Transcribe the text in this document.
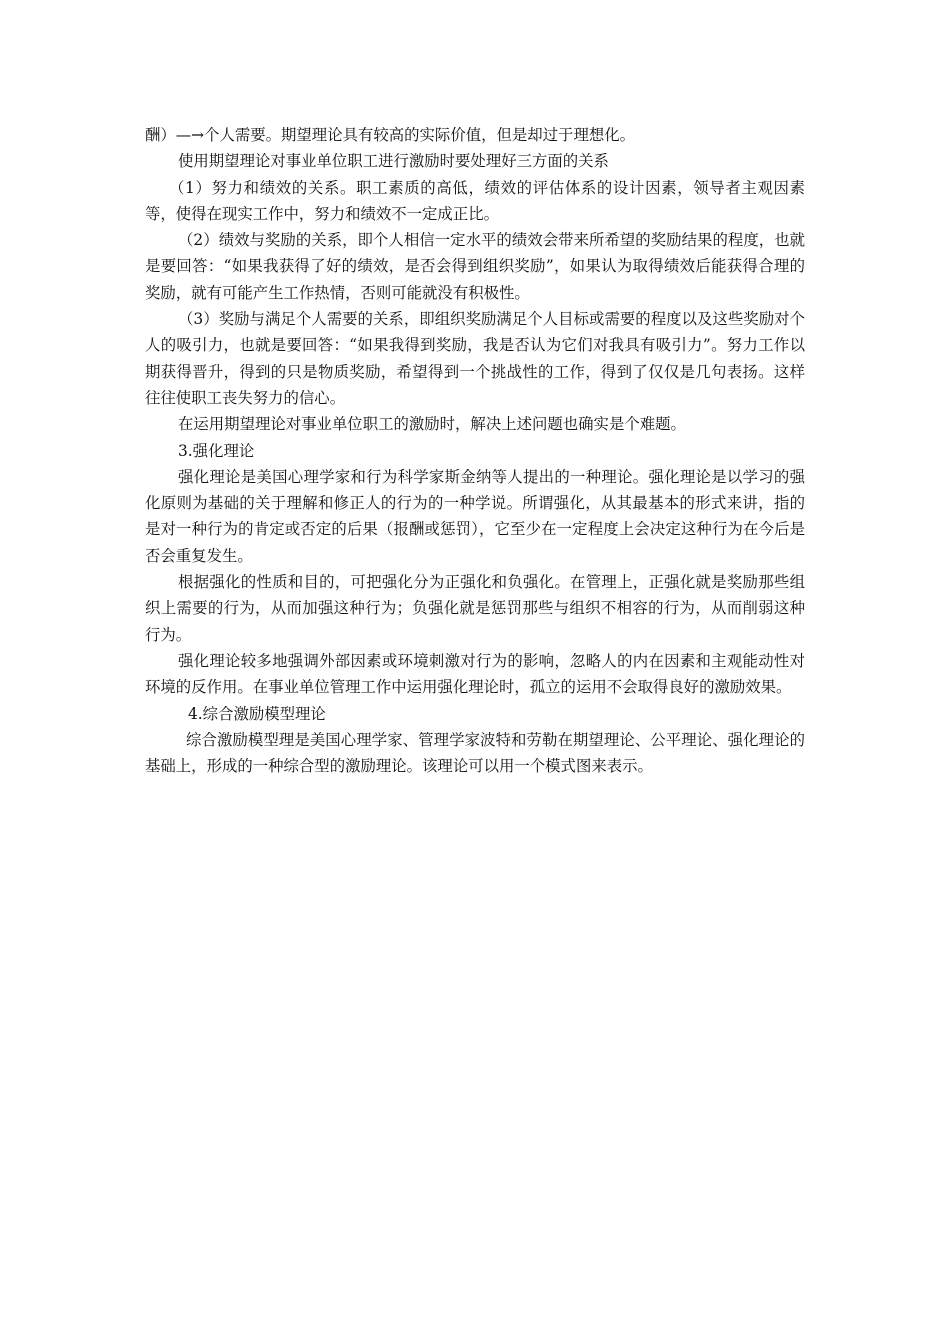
酬）—→个人需要。期望理论具有较高的实际价值，但是却过于理想化。

使用期望理论对事业单位职工进行激励时要处理好三方面的关系

（1）努力和绩效的关系。职工素质的高低，绩效的评估体系的设计因素，领导者主观因素等，使得在现实工作中，努力和绩效不一定成正比。

（2）绩效与奖励的关系，即个人相信一定水平的绩效会带来所希望的奖励结果的程度，也就是要回答：“如果我获得了好的绩效，是否会得到组织奖励”，如果认为取得绩效后能获得合理的奖励，就有可能产生工作热情，否则可能就没有积极性。

（3）奖励与满足个人需要的关系，即组织奖励满足个人目标或需要的程度以及这些奖励对个人的吸引力，也就是要回答：“如果我得到奖励，我是否认为它们对我具有吸引力”。努力工作以期获得晋升，得到的只是物质奖励，希望得到一个挑战性的工作，得到了仅仅是几句表扬。这样往往使职工丧失努力的信心。

在运用期望理论对事业单位职工的激励时，解决上述问题也确实是个难题。

3.强化理论

强化理论是美国心理学家和行为科学家斯金纳等人提出的一种理论。强化理论是以学习的强化原则为基础的关于理解和修正人的行为的一种学说。所谓强化，从其最基本的形式来讲，指的是对一种行为的肯定或否定的后果（报酬或惩罚），它至少在一定程度上会决定这种行为在今后是否会重复发生。

根据强化的性质和目的，可把强化分为正强化和负强化。在管理上，正强化就是奖励那些组织上需要的行为，从而加强这种行为；负强化就是惩罚那些与组织不相容的行为，从而削弱这种行为。

强化理论较多地强调外部因素或环境刺激对行为的影响，忽略人的内在因素和主观能动性对环境的反作用。在事业单位管理工作中运用强化理论时，孤立的运用不会取得良好的激励效果。

4.综合激励模型理论

综合激励模型理是美国心理学家、管理学家波特和劳勒在期望理论、公平理论、强化理论的基础上，形成的一种综合型的激励理论。该理论可以用一个模式图来表示。
